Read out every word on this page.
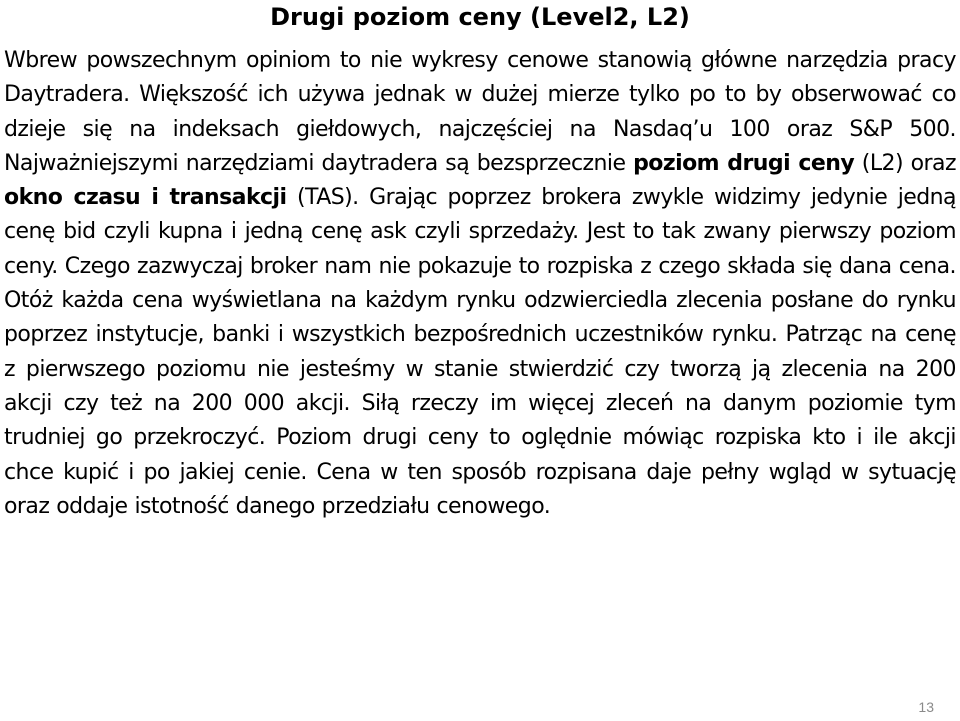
Drugi poziom ceny (Level2, L2)

Wbrew powszechnym opiniom to nie wykresy cenowe stanowią główne narzędzia pracy Daytradera. Większość ich używa jednak w dużej mierze tylko po to by obserwować co dzieje się na indeksach giełdowych, najczęściej na Nasdaq’u 100 oraz S&P 500. Najważniejszymi narzędziami daytradera są bezsprzecznie poziom drugi ceny (L2) oraz okno czasu i transakcji (TAS). Grając poprzez brokera zwykle widzimy jedynie jedną cenę bid czyli kupna i jedną cenę ask czyli sprzedaży. Jest to tak zwany pierwszy poziom ceny. Czego zazwyczaj broker nam nie pokazuje to rozpiska z czego składa się dana cena. Otóż każda cena wyświetlana na każdym rynku odzwierciedla zlecenia posłane do rynku poprzez instytucje, banki i wszystkich bezpośrednich uczestników rynku. Patrząc na cenę z pierwszego poziomu nie jesteśmy w stanie stwierdzić czy tworzą ją zlecenia na 200 akcji czy też na 200 000 akcji. Siłą rzeczy im więcej zleceń na danym poziomie tym trudniej go przekroczyć. Poziom drugi ceny to oględnie mówiąc rozpiska kto i ile akcji chce kupić i po jakiej cenie. Cena w ten sposób rozpisana daje pełny wgląd w sytuację oraz oddaje istotność danego przedziału cenowego.

13
